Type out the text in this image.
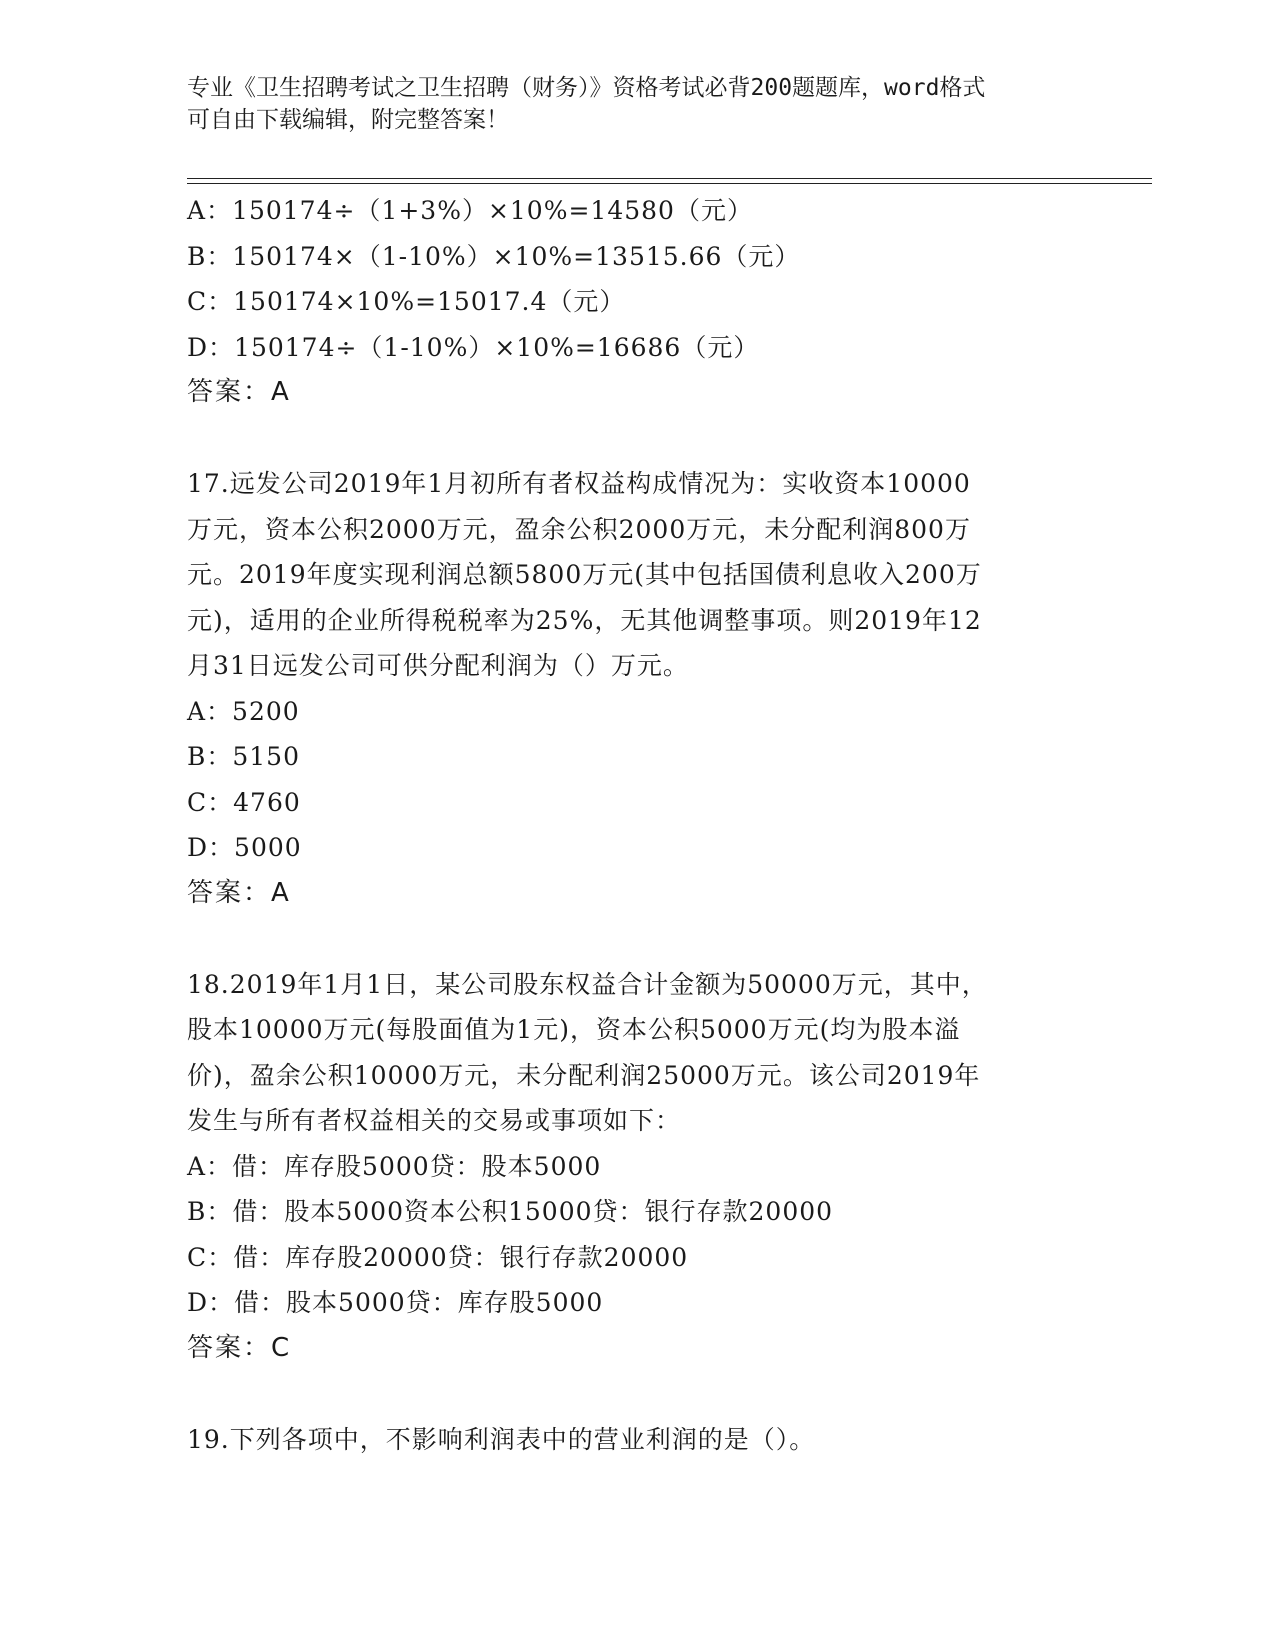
专业《卫生招聘考试之卫生招聘（财务）》资格考试必背200题题库，word格式

可自由下载编辑，附完整答案！

A：150174÷（1+3%）×10%=14580（元）
B：150174×（1-10%）×10%=13515.66（元）
C：150174×10%=15017.4（元）
D：150174÷（1-10%）×10%=16686（元）
答案：A
17.远发公司2019年1月初所有者权益构成情况为：实收资本10000
万元，资本公积2000万元，盈余公积2000万元，未分配利润800万
元。2019年度实现利润总额5800万元(其中包括国债利息收入200万
元)，适用的企业所得税税率为25%，无其他调整事项。则2019年12
月31日远发公司可供分配利润为（）万元。
A：5200
B：5150
C：4760
D：5000
答案：A
18.2019年1月1日，某公司股东权益合计金额为50000万元，其中，
股本10000万元(每股面值为1元)，资本公积5000万元(均为股本溢
价)，盈余公积10000万元，未分配利润25000万元。该公司2019年
发生与所有者权益相关的交易或事项如下：
A：借：库存股5000贷：股本5000
B：借：股本5000资本公积15000贷：银行存款20000
C：借：库存股20000贷：银行存款20000
D：借：股本5000贷：库存股5000
答案：C
19.下列各项中，不影响利润表中的营业利润的是（）。
